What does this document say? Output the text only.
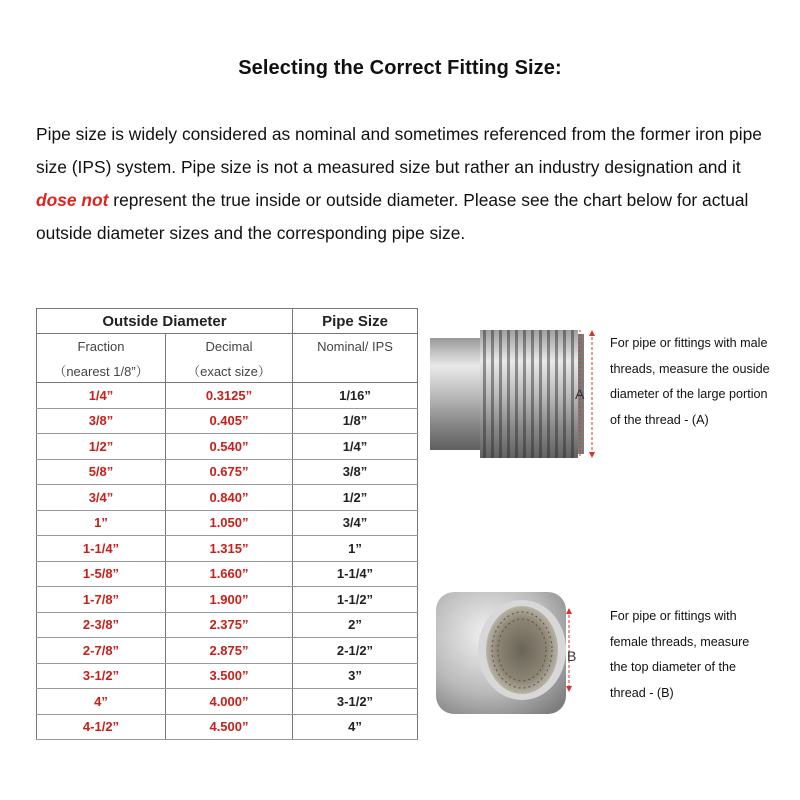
Selecting the Correct Fitting Size:

Pipe size is widely considered as nominal and sometimes referenced from the former iron pipe size (IPS) system. Pipe size is not a measured size but rather an industry designation and it dose not represent the true inside or outside diameter. Please see the chart below for actual outside diameter sizes and the corresponding pipe size.

Outside Diameter		Pipe Size
Fraction	Decimal	Nominal/ IPS
（nearest 1/8”）	（exact size）	
1/4”	0.3125”	1/16”
3/8”	0.405”	1/8”
1/2”	0.540”	1/4”
5/8”	0.675”	3/8”
3/4”	0.840”	1/2”
1”	1.050”	3/4”
1-1/4”	1.315”	1”
1-5/8”	1.660”	1-1/4”
1-7/8”	1.900”	1-1/2”
2-3/8”	2.375”	2”
2-7/8”	2.875”	2-1/2”
3-1/2”	3.500”	3”
4”	4.000”	3-1/2”
4-1/2”	4.500”	4”
A
For pipe or fittings with male
threads, measure the ouside
diameter of the large portion
of the thread - (A)
B
For pipe or fittings with
female threads, measure
the top diameter of the
thread - (B)
